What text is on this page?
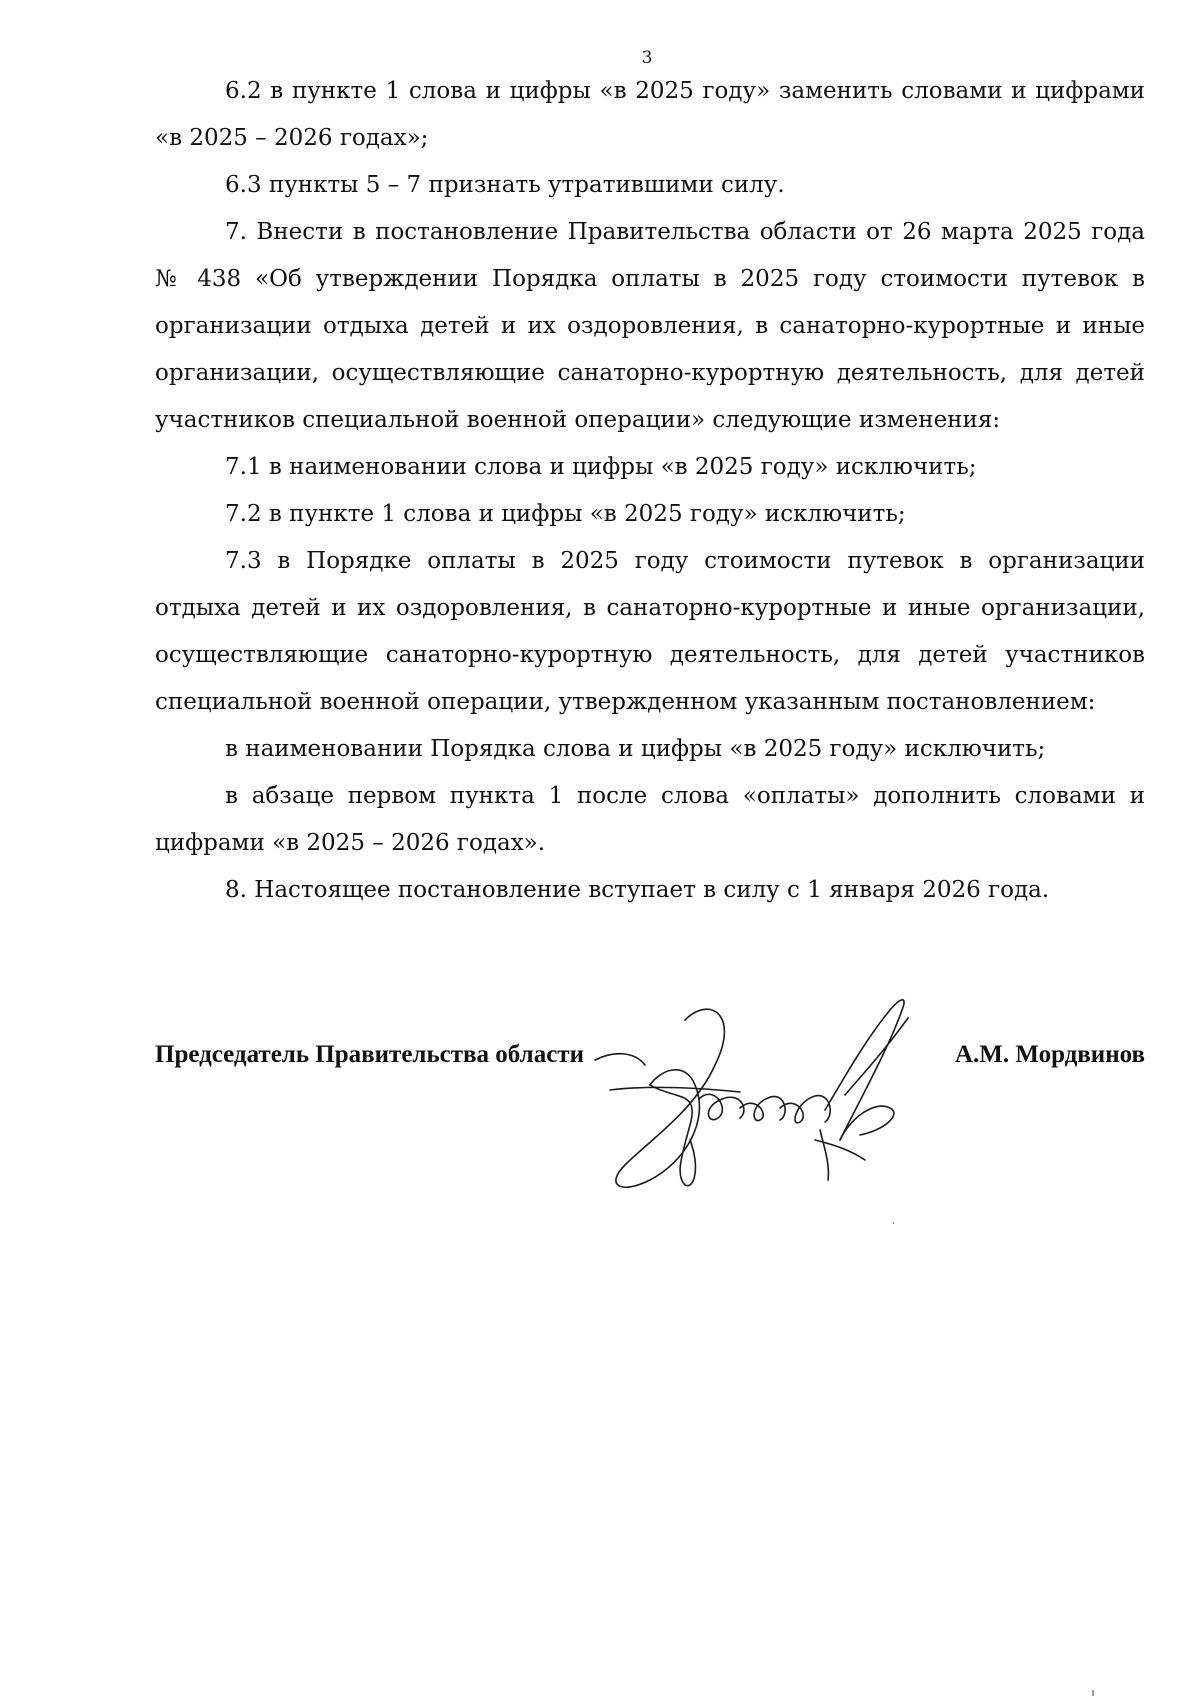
3

6.2 в пункте 1 слова и цифры «в 2025 году» заменить словами и цифрами «в 2025 – 2026 годах»;

6.3 пункты 5 – 7 признать утратившими силу.

7. Внести в постановление Правительства области от 26 марта 2025 года № 438 «Об утверждении Порядка оплаты в 2025 году стоимости путевок в организации отдыха детей и их оздоровления, в санаторно-курортные и иные организации, осуществляющие санаторно-курортную деятельность, для детей участников специальной военной операции» следующие изменения:

7.1 в наименовании слова и цифры «в 2025 году» исключить;

7.2 в пункте 1 слова и цифры «в 2025 году» исключить;

7.3 в Порядке оплаты в 2025 году стоимости путевок в организации отдыха детей и их оздоровления, в санаторно-курортные и иные организации, осуществляющие санаторно-курортную деятельность, для детей участников специальной военной операции, утвержденном указанным постановлением:

в наименовании Порядка слова и цифры «в 2025 году» исключить;

в абзаце первом пункта 1 после слова «оплаты» дополнить словами и цифрами «в 2025 – 2026 годах».

8. Настоящее постановление вступает в силу с 1 января 2026 года.

Председатель Правительства области	А.М. Мордвинов
